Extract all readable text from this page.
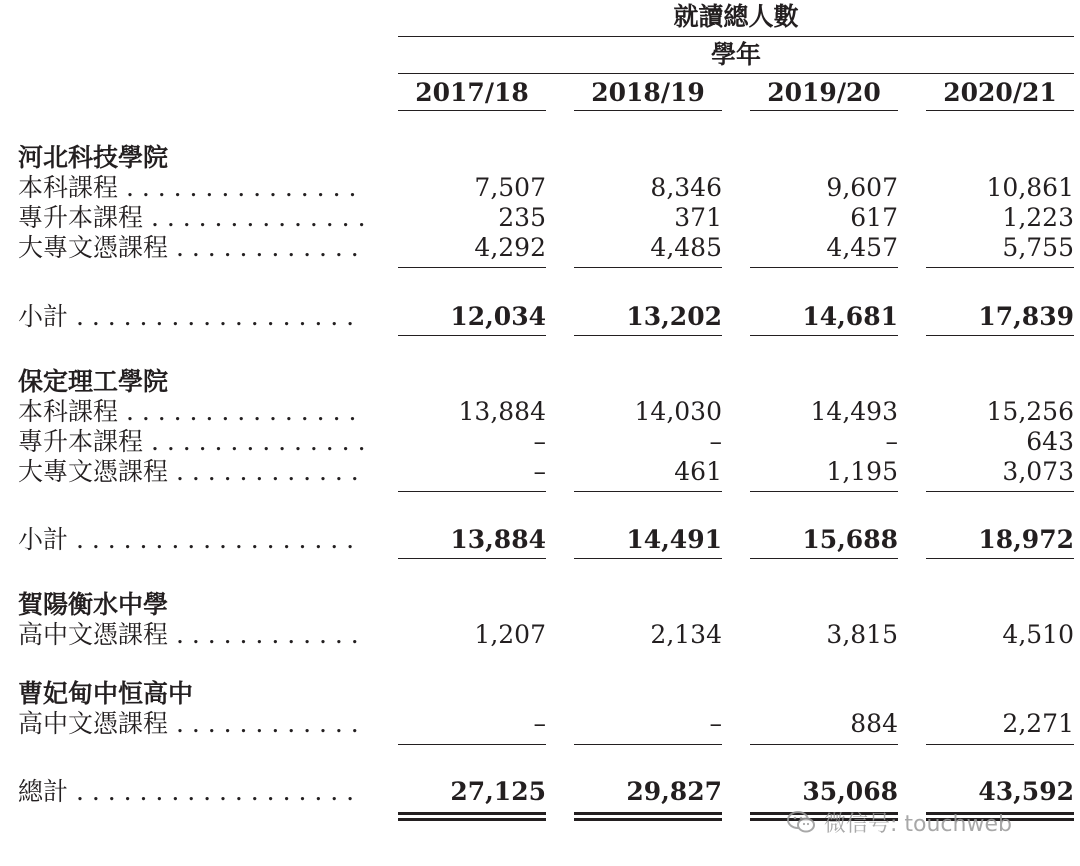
就讀總人數
學年
2017/18	2018/19	2019/20	2020/21
河北科技學院
本科課程 . . .	7,507	8,346	9,607	10,861
專升本課程 . . .	235	371	617	1,223
大專文憑課程 . . .	4,292	4,485	4,457	5,755
小計 . . .	12,034	13,202	14,681	17,839
保定理工學院
本科課程 . . .	13,884	14,030	14,493	15,256
專升本課程 . . .	–	–	–	643
大專文憑課程 . . .	–	461	1,195	3,073
小計 . . .	13,884	14,491	15,688	18,972
賀陽衡水中學
高中文憑課程 . . .	1,207	2,134	3,815	4,510
曹妃甸中恒高中
高中文憑課程 . . .	–	–	884	2,271
總計 . . .	27,125	29,827	35,068	43,592
微信号: touchweb
